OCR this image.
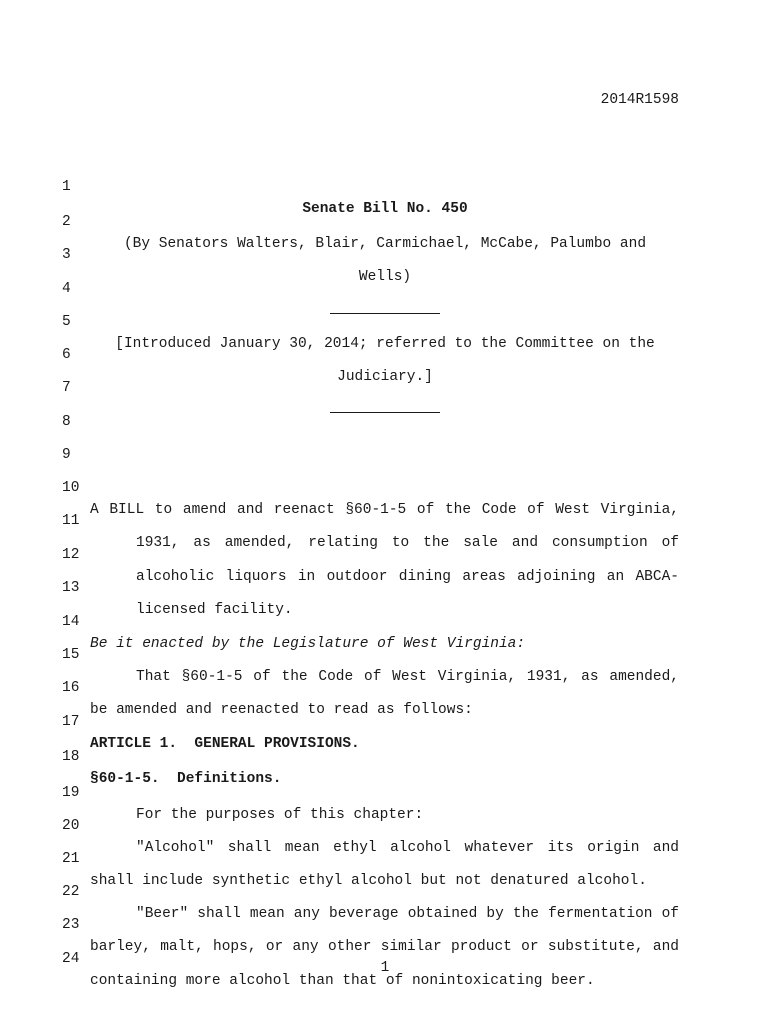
2014R1598

1

Senate Bill No. 450

2

(By Senators Walters, Blair, Carmichael, McCabe, Palumbo and

3

Wells)

4

5

[Introduced January 30, 2014; referred to the Committee on the

6

Judiciary.]

7

8

9

10

A BILL to amend and reenact §60-1-5 of the Code of West Virginia,

11

1931, as amended, relating to the sale and consumption of

12

alcoholic liquors in outdoor dining areas adjoining an ABCA-

13

licensed facility.

14

Be it enacted by the Legislature of West Virginia:

15

That §60-1-5 of the Code of West Virginia, 1931, as amended,

16

be amended and reenacted to read as follows:

17

ARTICLE 1.  GENERAL PROVISIONS.

18

§60-1-5.  Definitions.

19

For the purposes of this chapter:

20

"Alcohol" shall mean ethyl alcohol whatever its origin and

21

shall include synthetic ethyl alcohol but not denatured alcohol.

22

"Beer" shall mean any beverage obtained by the fermentation of

23

barley, malt, hops, or any other similar product or substitute, and

24

containing more alcohol than that of nonintoxicating beer.

1
